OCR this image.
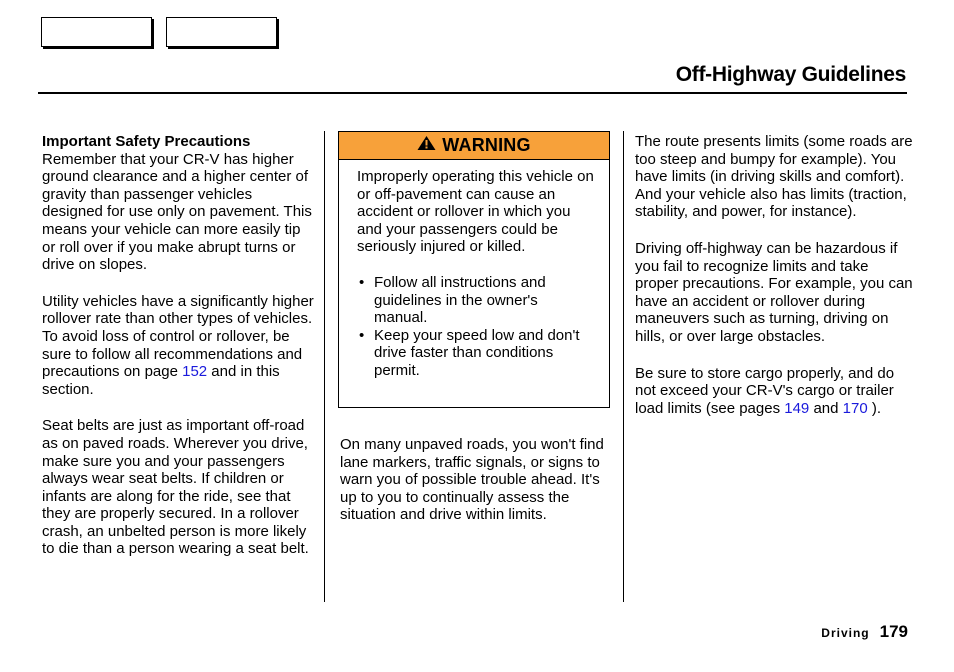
Off-Highway Guidelines

Important Safety Precautions
Remember that your CR-V has higher ground clearance and a higher center of gravity than passenger vehicles designed for use only on pavement. This means your vehicle can more easily tip or roll over if you make abrupt turns or drive on slopes.

Utility vehicles have a significantly higher rollover rate than other types of vehicles. To avoid loss of control or rollover, be sure to follow all recommendations and precautions on page 152 and in this section.

Seat belts are just as important off-road as on paved roads. Wherever you drive, make sure you and your passengers always wear seat belts. If children or infants are along for the ride, see that they are properly secured. In a rollover crash, an unbelted person is more likely to die than a person wearing a seat belt.

WARNING

Improperly operating this vehicle on or off-pavement can cause an accident or rollover in which you and your passengers could be seriously injured or killed.

• Follow all instructions and guidelines in the owner's manual.
• Keep your speed low and don't drive faster than conditions permit.

On many unpaved roads, you won't find lane markers, traffic signals, or signs to warn you of possible trouble ahead. It's up to you to continually assess the situation and drive within limits.

The route presents limits (some roads are too steep and bumpy for example). You have limits (in driving skills and comfort). And your vehicle also has limits (traction, stability, and power, for instance).

Driving off-highway can be hazardous if you fail to recognize limits and take proper precautions. For example, you can have an accident or rollover during maneuvers such as turning, driving on hills, or over large obstacles.

Be sure to store cargo properly, and do not exceed your CR-V's cargo or trailer load limits (see pages 149 and 170 ).

Driving 179
